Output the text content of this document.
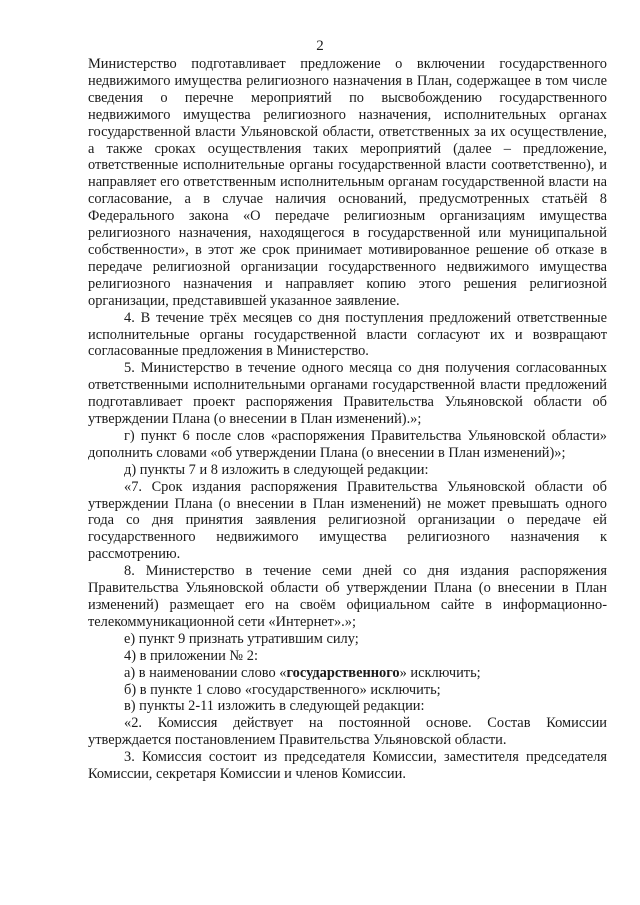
2

Министерство подготавливает предложение о включении государственного недвижимого имущества религиозного назначения в План, содержащее в том числе сведения о перечне мероприятий по высвобождению государственного недвижимого имущества религиозного назначения, исполнительных органах государственной власти Ульяновской области, ответственных за их осуществление, а также сроках осуществления таких мероприятий (далее – предложение, ответственные исполнительные органы государственной власти соответственно), и направляет его ответственным исполнительным органам государственной власти на согласование, а в случае наличия оснований, предусмотренных статьёй 8 Федерального закона «О передаче религиозным организациям имущества религиозного назначения, находящегося в государственной или муниципальной собственности», в этот же срок принимает мотивированное решение об отказе в передаче религиозной организации государственного недвижимого имущества религиозного назначения и направляет копию этого решения религиозной организации, представившей указанное заявление.

4. В течение трёх месяцев со дня поступления предложений ответственные исполнительные органы государственной власти согласуют их и возвращают согласованные предложения в Министерство.

5. Министерство в течение одного месяца со дня получения согласованных ответственными исполнительными органами государственной власти предложений подготавливает проект распоряжения Правительства Ульяновской области об утверждении Плана (о внесении в План изменений).»;

г) пункт 6 после слов «распоряжения Правительства Ульяновской области» дополнить словами «об утверждении Плана (о внесении в План изменений)»;

д) пункты 7 и 8 изложить в следующей редакции:

«7. Срок издания распоряжения Правительства Ульяновской области об утверждении Плана (о внесении в План изменений) не может превышать одного года со дня принятия заявления религиозной организации о передаче ей государственного недвижимого имущества религиозного назначения к рассмотрению.

8. Министерство в течение семи дней со дня издания распоряжения Правительства Ульяновской области об утверждении Плана (о внесении в План изменений) размещает его на своём официальном сайте в информационно-телекоммуникационной сети «Интернет».»;

е) пункт 9 признать утратившим силу;

4) в приложении № 2:

а) в наименовании слово «государственного» исключить;

б) в пункте 1 слово «государственного» исключить;

в) пункты 2-11 изложить в следующей редакции:

«2. Комиссия действует на постоянной основе. Состав Комиссии утверждается постановлением Правительства Ульяновской области.

3. Комиссия состоит из председателя Комиссии, заместителя председателя Комиссии, секретаря Комиссии и членов Комиссии.
